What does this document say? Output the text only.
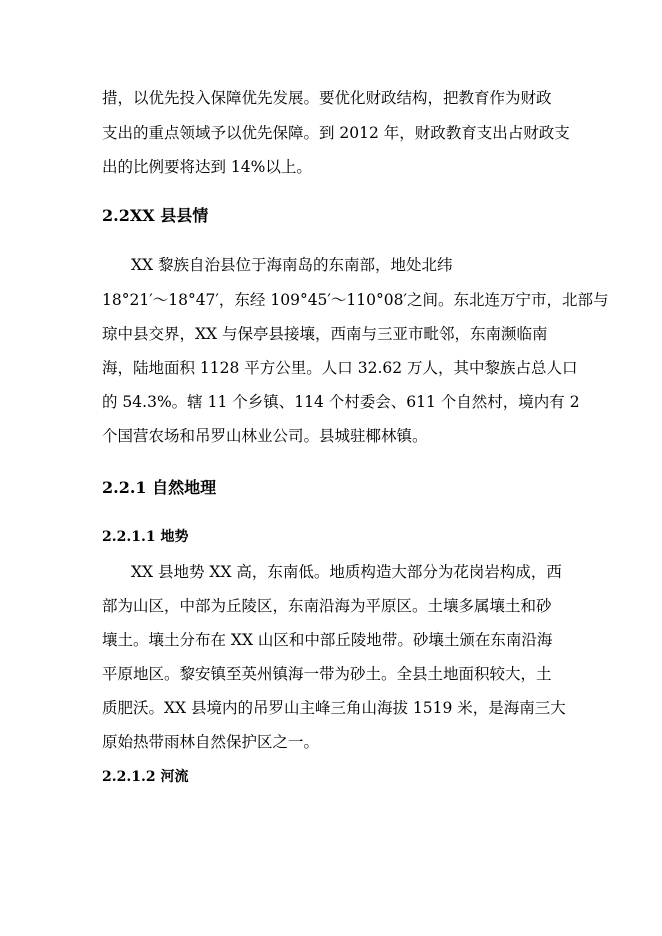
措，以优先投入保障优先发展。要优化财政结构，把教育作为财政
支出的重点领域予以优先保障。到 2012 年，财政教育支出占财政支
出的比例要将达到 14%以上。
2.2XX 县县情
XX 黎族自治县位于海南岛的东南部，地处北纬
18°21′～18°47′，东经 109°45′～110°08′之间。东北连万宁市，北部与
琼中县交界，XX 与保亭县接壤，西南与三亚市毗邻，东南濒临南
海，陆地面积 1128 平方公里。人口 32.62 万人，其中黎族占总人口
的 54.3%。辖 11 个乡镇、114 个村委会、611 个自然村，境内有 2
个国营农场和吊罗山林业公司。县城驻椰林镇。
2.2.1 自然地理
2.2.1.1 地势
XX 县地势 XX 高，东南低。地质构造大部分为花岗岩构成，西
部为山区，中部为丘陵区，东南沿海为平原区。土壤多属壤土和砂
壤土。壤土分布在 XX 山区和中部丘陵地带。砂壤土颁在东南沿海
平原地区。黎安镇至英州镇海一带为砂土。全县土地面积较大，土
质肥沃。XX 县境内的吊罗山主峰三角山海拔 1519 米，是海南三大
原始热带雨林自然保护区之一。
2.2.1.2 河流
